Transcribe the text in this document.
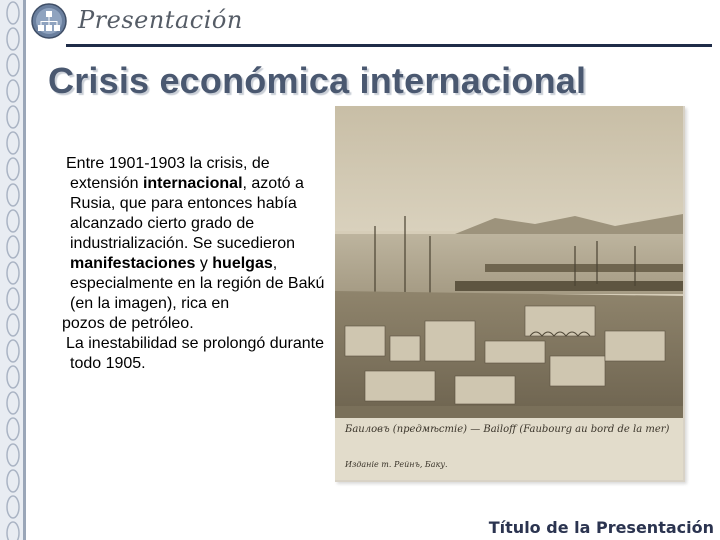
Presentación
Crisis económica internacional

Entre 1901-1903 la crisis, de extensión internacional, azotó a Rusia, que para entonces había alcanzado cierto grado de industrialización. Se sucedieron manifestaciones y huelgas, especialmente en la región de Bakú (en la imagen), rica en

pozos de petróleo.

La inestabilidad se prolongó durante todo 1905.

Баиловъ (предмѣстіе) — Bailoff (Faubourg au bord de la mer)
Изданіе т. Рейнъ, Баку.
Título de la Presentación
